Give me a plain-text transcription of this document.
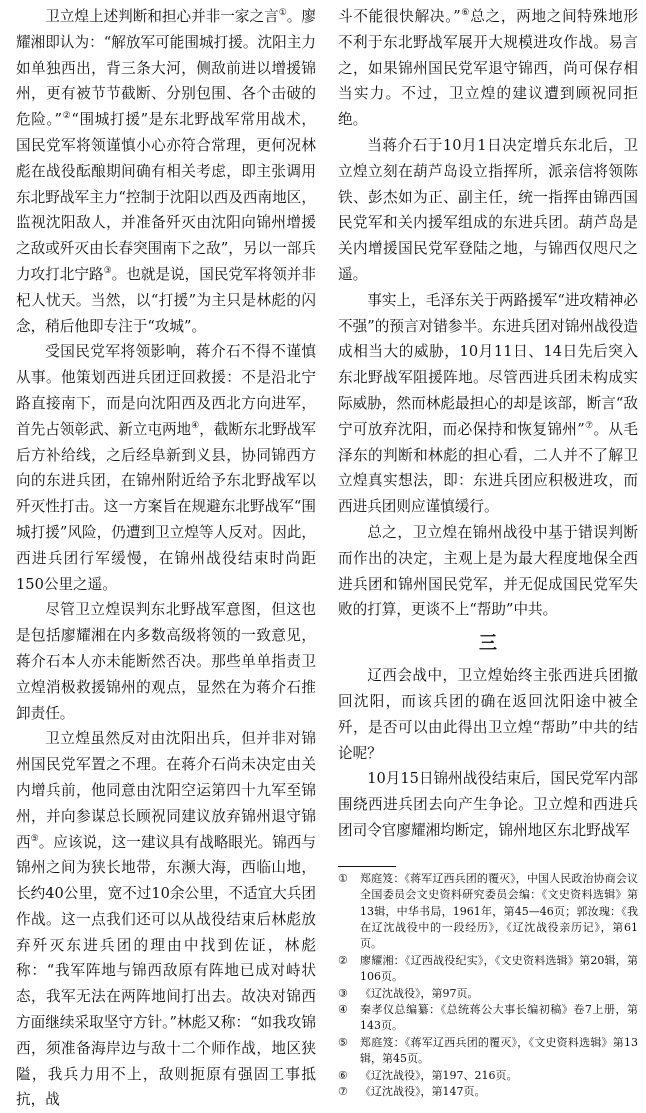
卫立煌上述判断和担心并非一家之言①。廖耀湘即认为：“解放军可能围城打援。沈阳主力如单独西出，背三条大河，侧敌前进以增援锦州，更有被节节截断、分别包围、各个击破的危险。”②“围城打援”是东北野战军常用战术，国民党军将领谨慎小心亦符合常理，更何况林彪在战役酝酿期间确有相关考虑，即主张调用东北野战军主力“控制于沈阳以西及西南地区，监视沈阳敌人，并准备歼灭由沈阳向锦州增援之敌或歼灭由长春突围南下之敌”，另以一部兵力攻打北宁路③。也就是说，国民党军将领并非杞人忧天。当然，以“打援”为主只是林彪的闪念，稍后他即专注于“攻城”。

受国民党军将领影响，蒋介石不得不谨慎从事。他策划西进兵团迂回救援：不是沿北宁路直接南下，而是向沈阳西及西北方向进军，首先占领彰武、新立屯两地④，截断东北野战军后方补给线，之后经阜新到义县，协同锦西方向的东进兵团，在锦州附近给予东北野战军以歼灭性打击。这一方案旨在规避东北野战军“围城打援”风险，仍遭到卫立煌等人反对。因此，西进兵团行军缓慢，在锦州战役结束时尚距150公里之遥。

尽管卫立煌误判东北野战军意图，但这也是包括廖耀湘在内多数高级将领的一致意见，蒋介石本人亦未能断然否决。那些单单指责卫立煌消极救援锦州的观点，显然在为蒋介石推卸责任。

卫立煌虽然反对由沈阳出兵，但并非对锦州国民党军置之不理。在蒋介石尚未决定由关内增兵前，他同意由沈阳空运第四十九军至锦州，并向参谋总长顾祝同建议放弃锦州退守锦西⑤。应该说，这一建议具有战略眼光。锦西与锦州之间为狭长地带，东濒大海，西临山地，长约40公里，宽不过10余公里，不适宜大兵团作战。这一点我们还可以从战役结束后林彪放弃歼灭东进兵团的理由中找到佐证，林彪称：“我军阵地与锦西敌原有阵地已成对峙状态，我军无法在两阵地间打出去。故决对锦西方面继续采取坚守方针。”林彪又称：“如我攻锦西，须准备海岸边与敌十二个师作战，地区狭隘，我兵力用不上，敌则扼原有强固工事抵抗，战

斗不能很快解决。”⑥总之，两地之间特殊地形不利于东北野战军展开大规模进攻作战。易言之，如果锦州国民党军退守锦西，尚可保存相当实力。不过，卫立煌的建议遭到顾祝同拒绝。

当蒋介石于10月1日决定增兵东北后，卫立煌立刻在葫芦岛设立指挥所，派亲信将领陈铁、彭杰如为正、副主任，统一指挥由锦西国民党军和关内援军组成的东进兵团。葫芦岛是关内增援国民党军登陆之地，与锦西仅咫尺之遥。

事实上，毛泽东关于两路援军“进攻精神必不强”的预言对错参半。东进兵团对锦州战役造成相当大的威胁，10月11日、14日先后突入东北野战军阻援阵地。尽管西进兵团未构成实际威胁，然而林彪最担心的却是该部，断言“敌宁可放弃沈阳，而必保持和恢复锦州”⑦。从毛泽东的判断和林彪的担心看，二人并不了解卫立煌真实想法，即：东进兵团应积极进攻，而西进兵团则应谨慎缓行。

总之，卫立煌在锦州战役中基于错误判断而作出的决定，主观上是为最大程度地保全西进兵团和锦州国民党军，并无促成国民党军失败的打算，更谈不上“帮助”中共。

三

辽西会战中，卫立煌始终主张西进兵团撤回沈阳，而该兵团的确在返回沈阳途中被全歼，是否可以由此得出卫立煌“帮助”中共的结论呢？

10月15日锦州战役结束后，国民党军内部围绕西进兵团去向产生争论。卫立煌和西进兵团司令官廖耀湘均断定，锦州地区东北野战军

① 郑庭笈：《蒋军辽西兵团的覆灭》，中国人民政治协商会议全国委员会文史资料研究委员会编：《文史资料选辑》第13辑，中华书局，1961年，第45—46页；郭汝瑰：《我在辽沈战役中的一段经历》，《辽沈战役亲历记》，第61页。
② 廖耀湘：《辽西战役纪实》，《文史资料选辑》第20辑，第106页。
③ 《辽沈战役》，第97页。
④ 秦孝仪总编纂：《总统蒋公大事长编初稿》卷7上册，第143页。
⑤ 郑庭笈：《蒋军辽西兵团的覆灭》，《文史资料选辑》第13辑，第45页。
⑥ 《辽沈战役》，第197、216页。
⑦ 《辽沈战役》，第147页。
